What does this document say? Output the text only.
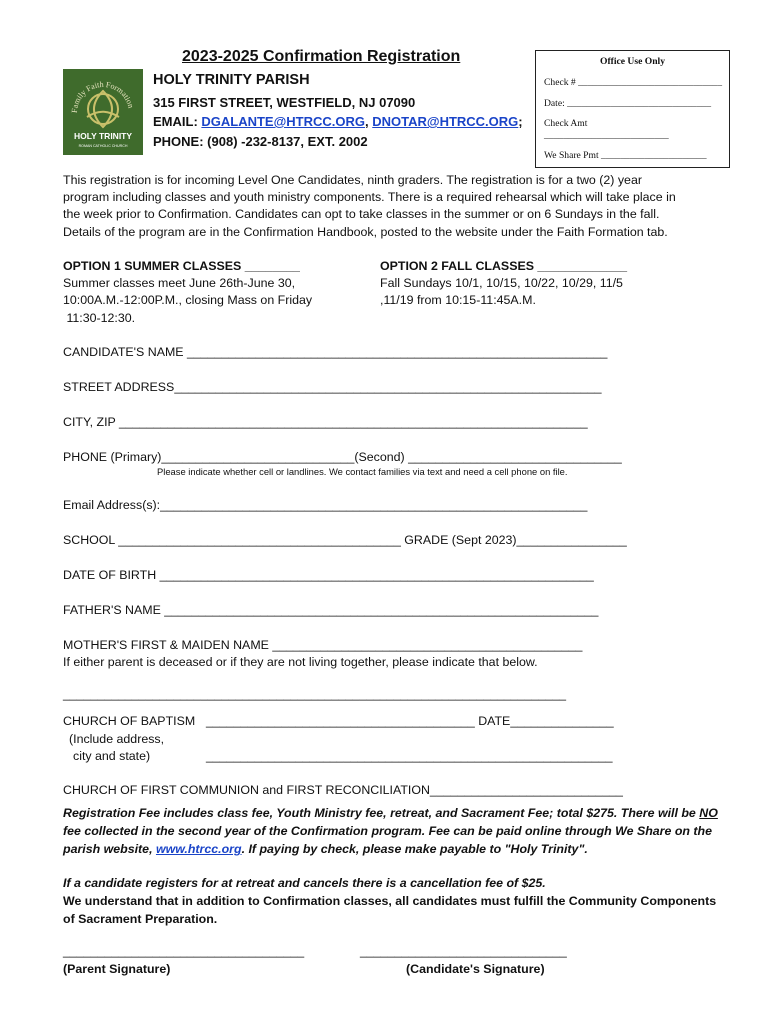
2023-2025 Confirmation Registration
Family Faith Formation
HOLY TRINITY
ROMAN CATHOLIC CHURCH
HOLY TRINITY PARISH
315 FIRST STREET, WESTFIELD, NJ 07090
EMAIL: DGALANTE@HTRCC.ORG, DNOTAR@HTRCC.ORG;
PHONE: (908) -232-8137, EXT. 2002
Office Use Only
Check # ______________________________
Date: ______________________________
Check Amt
__________________________
We Share Pmt ______________________
This registration is for incoming Level One Candidates, ninth graders. The registration is for a two (2) year
program including classes and youth ministry components. There is a required rehearsal which will take place in
the week prior to Confirmation. Candidates can opt to take classes in the summer or on 6 Sundays in the fall.
Details of the program are in the Confirmation Handbook, posted to the website under the Faith Formation tab.
OPTION 1 SUMMER CLASSES ________
Summer classes meet June 26th-June 30,
10:00A.M.-12:00P.M., closing Mass on Friday
11:30-12:30.
OPTION 2 FALL CLASSES _____________
Fall Sundays 10/1, 10/15, 10/22, 10/29, 11/5
,11/19 from 10:15-11:45A.M.
CANDIDATE'S NAME _____________________________________________________________
STREET ADDRESS______________________________________________________________
CITY, ZIP ____________________________________________________________________
PHONE (Primary)____________________________(Second) _______________________________
Please indicate whether cell or landlines. We contact families via text and need a cell phone on file.
Email Address(s):______________________________________________________________
SCHOOL _________________________________________ GRADE (Sept 2023)________________
DATE OF BIRTH _______________________________________________________________
FATHER'S NAME _______________________________________________________________
MOTHER'S FIRST & MAIDEN NAME _____________________________________________
If either parent is deceased or if they are not living together, please indicate that below.
_________________________________________________________________________
CHURCH OF BAPTISM
(Include address,
city and state)
_______________________________________ DATE_______________
___________________________________________________________
CHURCH OF FIRST COMMUNION and FIRST RECONCILIATION____________________________
Registration Fee includes class fee, Youth Ministry fee, retreat, and Sacrament Fee; total $275. There will be NO fee collected in the second year of the Confirmation program. Fee can be paid online through We Share on the parish website, www.htrcc.org. If paying by check, please make payable to "Holy Trinity".
If a candidate registers for at retreat and cancels there is a cancellation fee of $25.
We understand that in addition to Confirmation classes, all candidates must fulfill the Community Components of Sacrament Preparation.
___________________________________	______________________________
(Parent Signature)	(Candidate's Signature)
